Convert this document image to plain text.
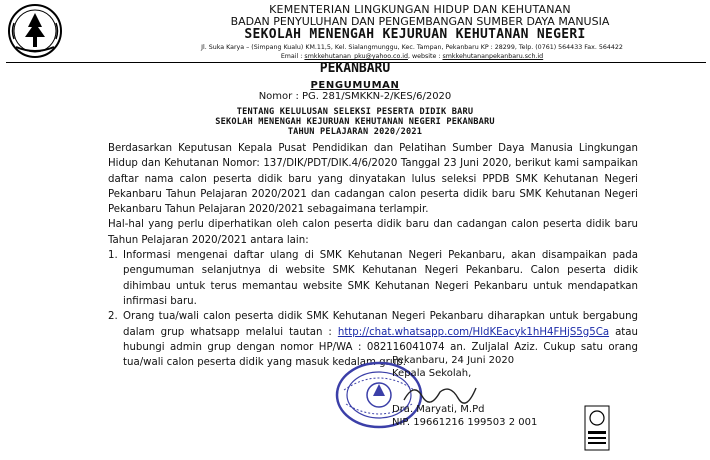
KEMENTERIAN LINGKUNGAN HIDUP DAN KEHUTANAN
BADAN PENYULUHAN DAN PENGEMBANGAN SUMBER DAYA MANUSIA
SEKOLAH MENENGAH KEJURUAN KEHUTANAN NEGERI
Jl. Suka Karya – (Simpang Kualu) KM.11,5, Kel. Sialangmunggu, Kec. Tampan, Pekanbaru KP : 28299, Telp. (0761) 564433 Fax. 564422
Email : smkkehutanan_pku@yahoo.co.id, website : smkkehutananpekanbaru.sch.id
PEKANBARU
PENGUMUMAN
Nomor : PG. 281/SMKKN-2/KES/6/2020
TENTANG KELULUSAN SELEKSI PESERTA DIDIK BARU
SEKOLAH MENENGAH KEJURUAN KEHUTANAN NEGERI PEKANBARU
TAHUN PELAJARAN 2020/2021

Berdasarkan Keputusan Kepala Pusat Pendidikan dan Pelatihan Sumber Daya Manusia Lingkungan Hidup dan Kehutanan Nomor: 137/DIK/PDT/DIK.4/6/2020 Tanggal 23 Juni 2020, berikut kami sampaikan daftar nama calon peserta didik baru yang dinyatakan lulus seleksi PPDB SMK Kehutanan Negeri Pekanbaru Tahun Pelajaran 2020/2021 dan cadangan calon peserta didik baru SMK Kehutanan Negeri Pekanbaru Tahun Pelajaran 2020/2021 sebagaimana terlampir.

Hal-hal yang perlu diperhatikan oleh calon peserta didik baru dan cadangan calon peserta didik baru Tahun Pelajaran 2020/2021 antara lain:

1. Informasi mengenai daftar ulang di SMK Kehutanan Negeri Pekanbaru, akan disampaikan pada pengumuman selanjutnya di website SMK Kehutanan Negeri Pekanbaru. Calon peserta didik dihimbau untuk terus memantau website SMK Kehutanan Negeri Pekanbaru untuk mendapatkan infirmasi baru.
2. Orang tua/wali calon peserta didik SMK Kehutanan Negeri Pekanbaru diharapkan untuk bergabung dalam grup whatsapp melalui tautan : http://chat.whatsapp.com/HldKEacyk1hH4FHjS5g5Ca atau hubungi admin grup dengan nomor HP/WA : 08211604107​4 an. Zuljalal Aziz. Cukup satu orang tua/wali calon peserta didik yang masuk kedalam grup.
Pekanbaru, 24 Juni 2020
Kepala Sekolah,
Dra. Maryati, M.Pd
NIP. 19661216 199503 2 001
